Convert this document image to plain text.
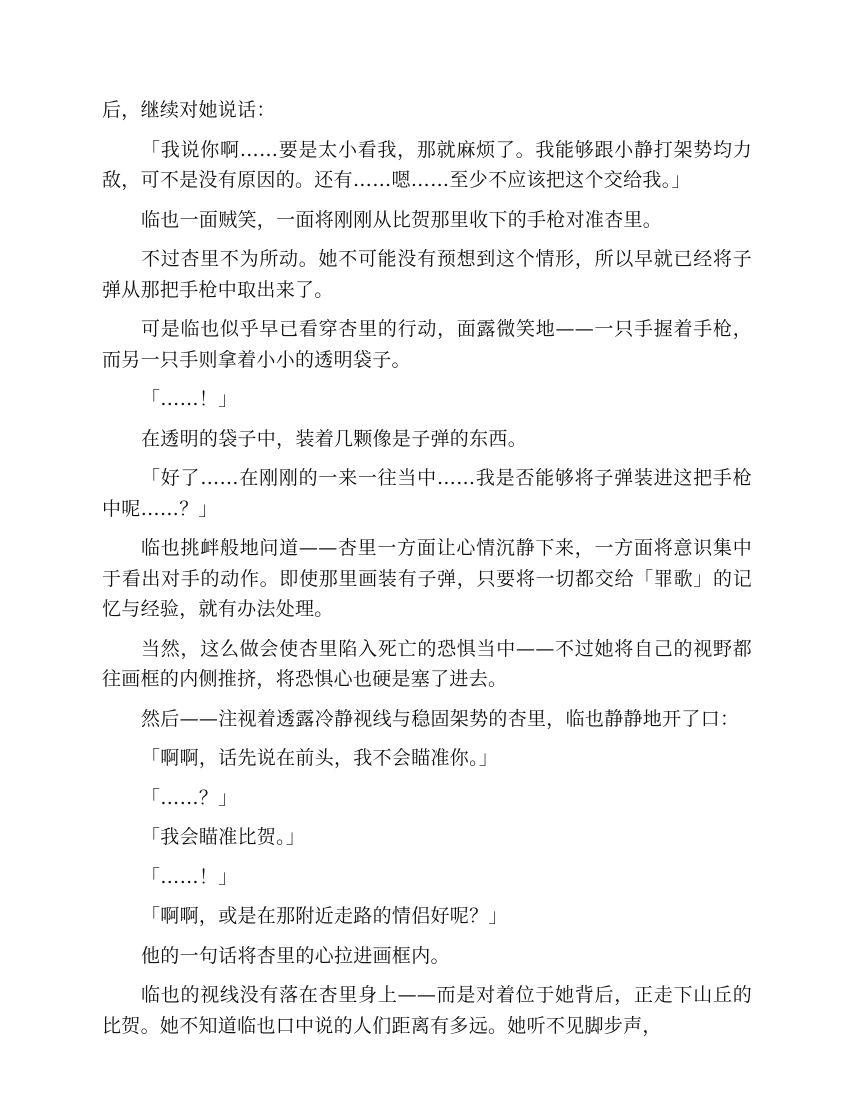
后，继续对她说话：

「我说你啊……要是太小看我，那就麻烦了。我能够跟小静打架势均力敌，可不是没有原因的。还有……嗯……至少不应该把这个交给我。」

临也一面贼笑，一面将刚刚从比贺那里收下的手枪对准杏里。

不过杏里不为所动。她不可能没有预想到这个情形，所以早就已经将子弹从那把手枪中取出来了。

可是临也似乎早已看穿杏里的行动，面露微笑地——一只手握着手枪，而另一只手则拿着小小的透明袋子。

「……！」

在透明的袋子中，装着几颗像是子弹的东西。

「好了……在刚刚的一来一往当中……我是否能够将子弹装进这把手枪中呢……？」

临也挑衅般地问道——杏里一方面让心情沉静下来，一方面将意识集中于看出对手的动作。即使那里画装有子弹，只要将一切都交给「罪歌」的记忆与经验，就有办法处理。

当然，这么做会使杏里陷入死亡的恐惧当中——不过她将自己的视野都往画框的内侧推挤，将恐惧心也硬是塞了进去。

然后——注视着透露冷静视线与稳固架势的杏里，临也静静地开了口：

「啊啊，话先说在前头，我不会瞄准你。」

「……？」

「我会瞄准比贺。」

「……！」

「啊啊，或是在那附近走路的情侣好呢？」

他的一句话将杏里的心拉进画框内。

临也的视线没有落在杏里身上——而是对着位于她背后，正走下山丘的比贺。她不知道临也口中说的人们距离有多远。她听不见脚步声，
